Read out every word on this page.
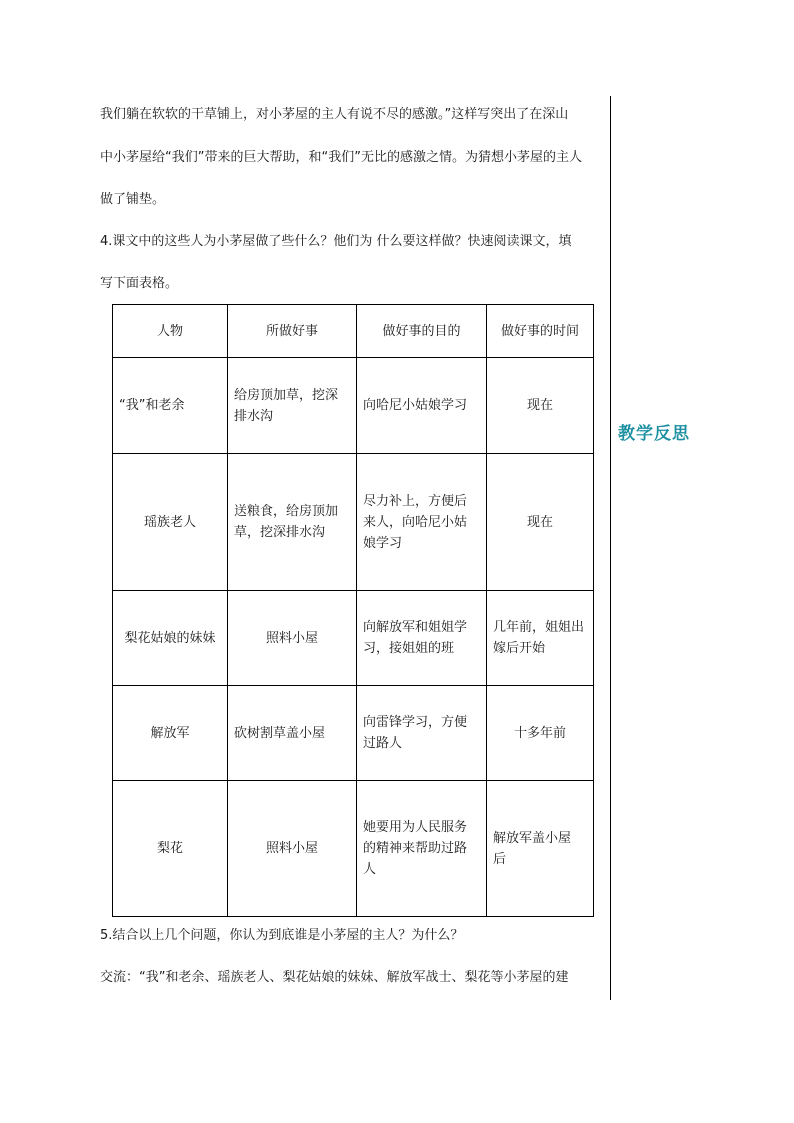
教学反思
我们躺在软软的干草铺上，对小茅屋的主人有说不尽的感激。”这样写突出了在深山
中小茅屋给“我们”带来的巨大帮助，和“我们”无比的感激之情。为猜想小茅屋的主人
做了铺垫。
4.课文中的这些人为小茅屋做了些什么？他们为 什么要这样做？快速阅读课文，填
写下面表格。
人物	所做好事	做好事的目的	做好事的时间

“我”和老余	给房顶加草，挖深
排水沟	向哈尼小姑娘学习	现在

瑶族老人	送粮食，给房顶加
草，挖深排水沟	尽力补上，方便后
来人，向哈尼小姑
娘学习	现在

梨花姑娘的妹妹	照料小屋	向解放军和姐姐学
习，接姐姐的班	几年前，姐姐出
嫁后开始

解放军	砍树割草盖小屋	向雷锋学习，方便
过路人	十多年前

梨花	照料小屋	她要用为人民服务
的精神来帮助过路
人	解放军盖小屋
后
5.结合以上几个问题，你认为到底谁是小茅屋的主人？为什么？
交流：“我”和老余、瑶族老人、梨花姑娘的妹妹、解放军战士、梨花等小茅屋的建
